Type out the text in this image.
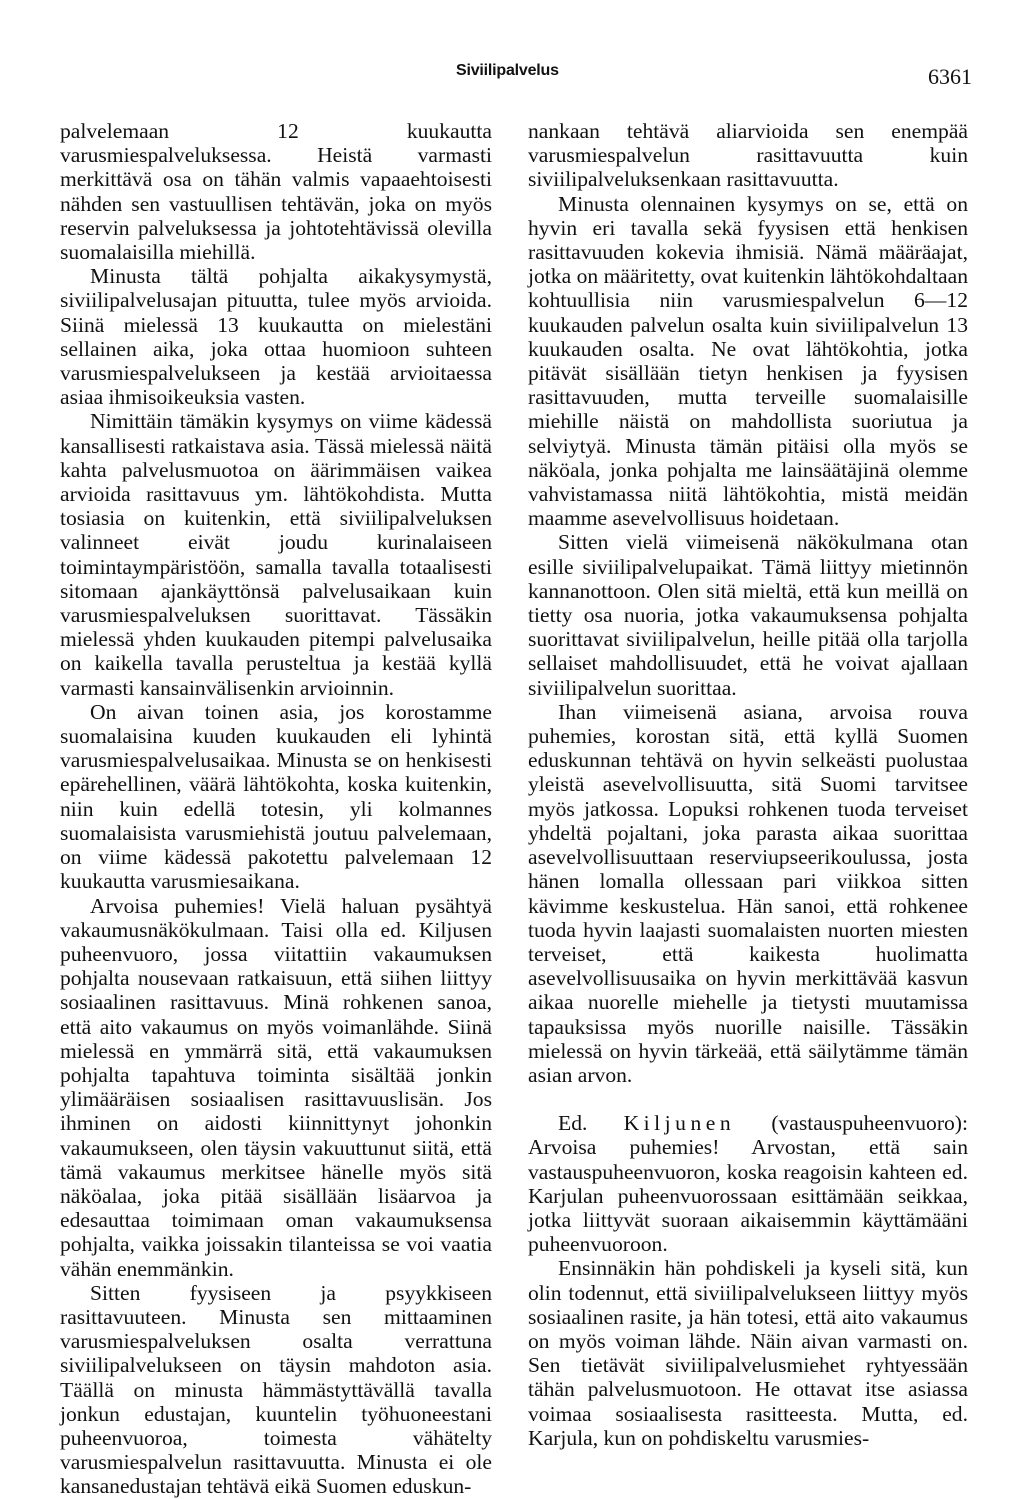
Siviilipalvelus	6361

palvelemaan 12 kuukautta varusmiespalveluksessa. Heistä varmasti merkittävä osa on tähän valmis vapaaehtoisesti nähden sen vastuullisen tehtävän, joka on myös reservin palveluksessa ja johtotehtävissä olevilla suomalaisilla miehillä.

Minusta tältä pohjalta aikakysymystä, siviilipalvelusajan pituutta, tulee myös arvioida. Siinä mielessä 13 kuukautta on mielestäni sellainen aika, joka ottaa huomioon suhteen varusmiespalvelukseen ja kestää arvioitaessa asiaa ihmisoikeuksia vasten.

Nimittäin tämäkin kysymys on viime kädessä kansallisesti ratkaistava asia. Tässä mielessä näitä kahta palvelusmuotoa on äärimmäisen vaikea arvioida rasittavuus ym. lähtökohdista. Mutta tosiasia on kuitenkin, että siviilipalveluksen valinneet eivät joudu kurinalaiseen toimintaympäristöön, samalla tavalla totaalisesti sitomaan ajankäyttönsä palvelusaikaan kuin varusmiespalveluksen suorittavat. Tässäkin mielessä yhden kuukauden pitempi palvelusaika on kaikella tavalla perusteltua ja kestää kyllä varmasti kansainvälisenkin arvioinnin.

On aivan toinen asia, jos korostamme suomalaisina kuuden kuukauden eli lyhintä varusmiespalvelusaikaa. Minusta se on henkisesti epärehellinen, väärä lähtökohta, koska kuitenkin, niin kuin edellä totesin, yli kolmannes suomalaisista varusmiehistä joutuu palvelemaan, on viime kädessä pakotettu palvelemaan 12 kuukautta varusmiesaikana.

Arvoisa puhemies! Vielä haluan pysähtyä vakaumusnäkökulmaan. Taisi olla ed. Kiljusen puheenvuoro, jossa viitattiin vakaumuksen pohjalta nousevaan ratkaisuun, että siihen liittyy sosiaalinen rasittavuus. Minä rohkenen sanoa, että aito vakaumus on myös voimanlähde. Siinä mielessä en ymmärrä sitä, että vakaumuksen pohjalta tapahtuva toiminta sisältää jonkin ylimääräisen sosiaalisen rasittavuuslisän. Jos ihminen on aidosti kiinnittynyt johonkin vakaumukseen, olen täysin vakuuttunut siitä, että tämä vakaumus merkitsee hänelle myös sitä näköalaa, joka pitää sisällään lisäarvoa ja edesauttaa toimimaan oman vakaumuksensa pohjalta, vaikka joissakin tilanteissa se voi vaatia vähän enemmänkin.

Sitten fyysiseen ja psyykkiseen rasittavuuteen. Minusta sen mittaaminen varusmiespalveluksen osalta verrattuna siviilipalvelukseen on täysin mahdoton asia. Täällä on minusta hämmästyttävällä tavalla jonkun edustajan, kuuntelin työhuoneestani puheenvuoroa, toimesta vähätelty varusmiespalvelun rasittavuutta. Minusta ei ole kansanedustajan tehtävä eikä Suomen eduskun-

nankaan tehtävä aliarvioida sen enempää varusmiespalvelun rasittavuutta kuin siviilipalveluksenkaan rasittavuutta.

Minusta olennainen kysymys on se, että on hyvin eri tavalla sekä fyysisen että henkisen rasittavuuden kokevia ihmisiä. Nämä määräajat, jotka on määritetty, ovat kuitenkin lähtökohdaltaan kohtuullisia niin varusmiespalvelun 6—12 kuukauden palvelun osalta kuin siviilipalvelun 13 kuukauden osalta. Ne ovat lähtökohtia, jotka pitävät sisällään tietyn henkisen ja fyysisen rasittavuuden, mutta terveille suomalaisille miehille näistä on mahdollista suoriutua ja selviytyä. Minusta tämän pitäisi olla myös se näköala, jonka pohjalta me lainsäätäjinä olemme vahvistamassa niitä lähtökohtia, mistä meidän maamme asevelvollisuus hoidetaan.

Sitten vielä viimeisenä näkökulmana otan esille siviilipalvelupaikat. Tämä liittyy mietinnön kannanottoon. Olen sitä mieltä, että kun meillä on tietty osa nuoria, jotka vakaumuksensa pohjalta suorittavat siviilipalvelun, heille pitää olla tarjolla sellaiset mahdollisuudet, että he voivat ajallaan siviilipalvelun suorittaa.

Ihan viimeisenä asiana, arvoisa rouva puhemies, korostan sitä, että kyllä Suomen eduskunnan tehtävä on hyvin selkeästi puolustaa yleistä asevelvollisuutta, sitä Suomi tarvitsee myös jatkossa. Lopuksi rohkenen tuoda terveiset yhdeltä pojaltani, joka parasta aikaa suorittaa asevelvollisuuttaan reserviupseerikoulussa, josta hänen lomalla ollessaan pari viikkoa sitten kävimme keskustelua. Hän sanoi, että rohkenee tuoda hyvin laajasti suomalaisten nuorten miesten terveiset, että kaikesta huolimatta asevelvollisuusaika on hyvin merkittävää kasvun aikaa nuorelle miehelle ja tietysti muutamissa tapauksissa myös nuorille naisille. Tässäkin mielessä on hyvin tärkeää, että säilytämme tämän asian arvon.

Ed. Kiljunen (vastauspuheenvuoro): Arvoisa puhemies! Arvostan, että sain vastauspuheenvuoron, koska reagoisin kahteen ed. Karjulan puheenvuorossaan esittämään seikkaa, jotka liittyvät suoraan aikaisemmin käyttämääni puheenvuoroon.

Ensinnäkin hän pohdiskeli ja kyseli sitä, kun olin todennut, että siviilipalvelukseen liittyy myös sosiaalinen rasite, ja hän totesi, että aito vakaumus on myös voiman lähde. Näin aivan varmasti on. Sen tietävät siviilipalvelusmiehet ryhtyessään tähän palvelusmuotoon. He ottavat itse asiassa voimaa sosiaalisesta rasitteesta. Mutta, ed. Karjula, kun on pohdiskeltu varusmies-
